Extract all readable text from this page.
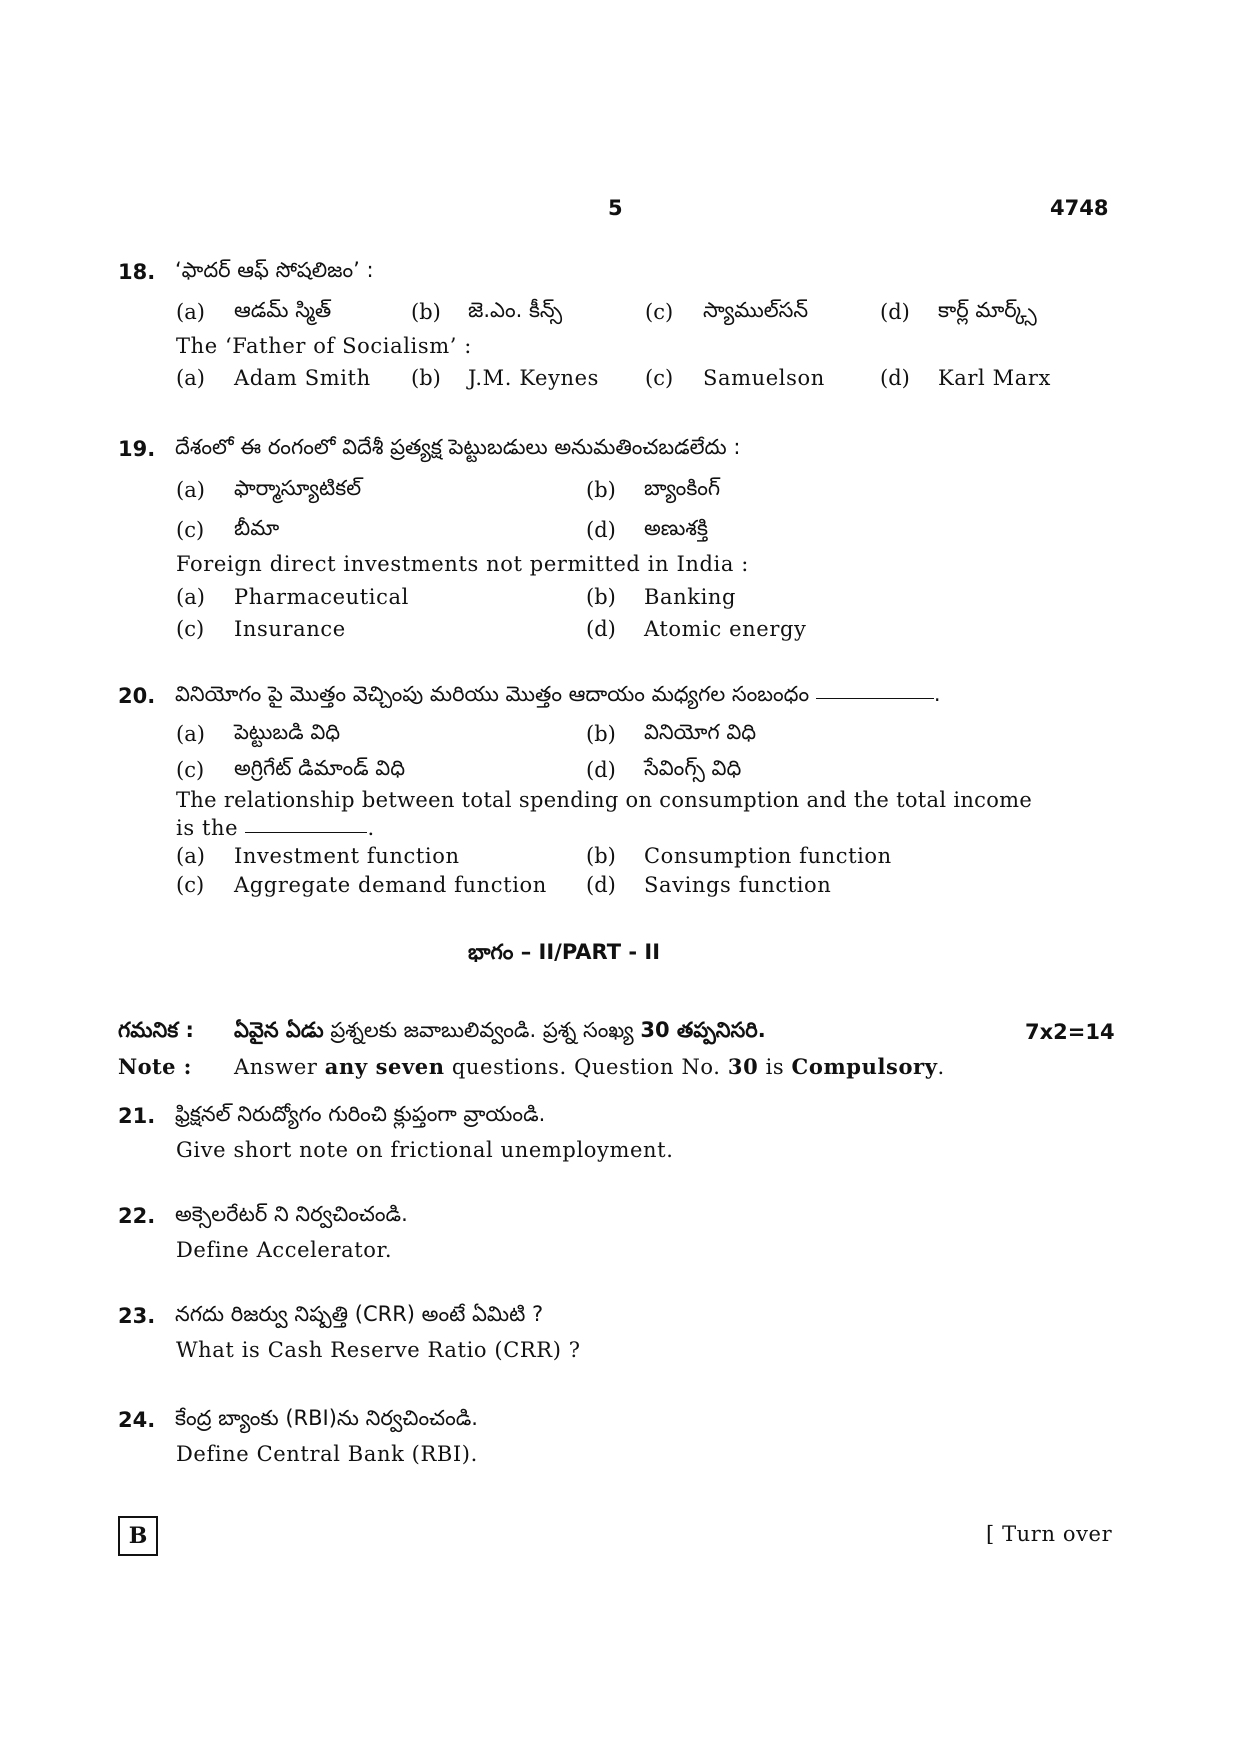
5	4748
18. ‘ఫాదర్ ఆఫ్ సోషలిజం’ :
(a) ఆడమ్ స్మిత్	(b) జె.ఎం. కీన్స్	(c) స్యాముల్‌సన్	(d) కార్ల్ మార్క్స్
The ‘Father of Socialism’ :
(a) Adam Smith (b) J.M. Keynes (c) Samuelson	(d) Karl Marx
19. దేశంలో ఈ రంగంలో విదేశీ ప్రత్యక్ష పెట్టుబడులు అనుమతించబడలేదు :
(a) ఫార్మాస్యూటికల్	(b) బ్యాంకింగ్
(c) బీమా	(d) అణుశక్తి
Foreign direct investments not permitted in India :
(a) Pharmaceutical	(b) Banking
(c) Insurance	(d) Atomic energy
20. వినియోగం పై మొత్తం వెచ్చింపు మరియు మొత్తం ఆదాయం మధ్యగల సంబంధం	.
(a) పెట్టుబడి విధి	(b) వినియోగ విధి
(c) అగ్రిగేట్ డిమాండ్ విధి	(d) సేవింగ్స్ విధి
The relationship between total spending on consumption and the total income
is the	.
(a) Investment function	(b) Consumption function
(c) Aggregate demand function (d) Savings function
భాగం – II/PART - II
గమనిక : ఏవైన ఏడు ప్రశ్నలకు జవాబులివ్వండి. ప్రశ్న సంఖ్య 30 తప్పనిసరి.	7x2=14
Note : Answer any seven questions. Question No. 30 is Compulsory.
21. ఫ్రిక్షనల్ నిరుద్యోగం గురించి క్లుప్తంగా వ్రాయండి.
Give short note on frictional unemployment.
22. అక్సెలరేటర్ ని నిర్వచించండి.
Define Accelerator.
23. నగదు రిజర్వు నిష్పత్తి (CRR) అంటే ఏమిటి ?
What is Cash Reserve Ratio (CRR) ?
24. కేంద్ర బ్యాంకు (RBI)ను నిర్వచించండి.
Define Central Bank (RBI).
B	[ Turn over
